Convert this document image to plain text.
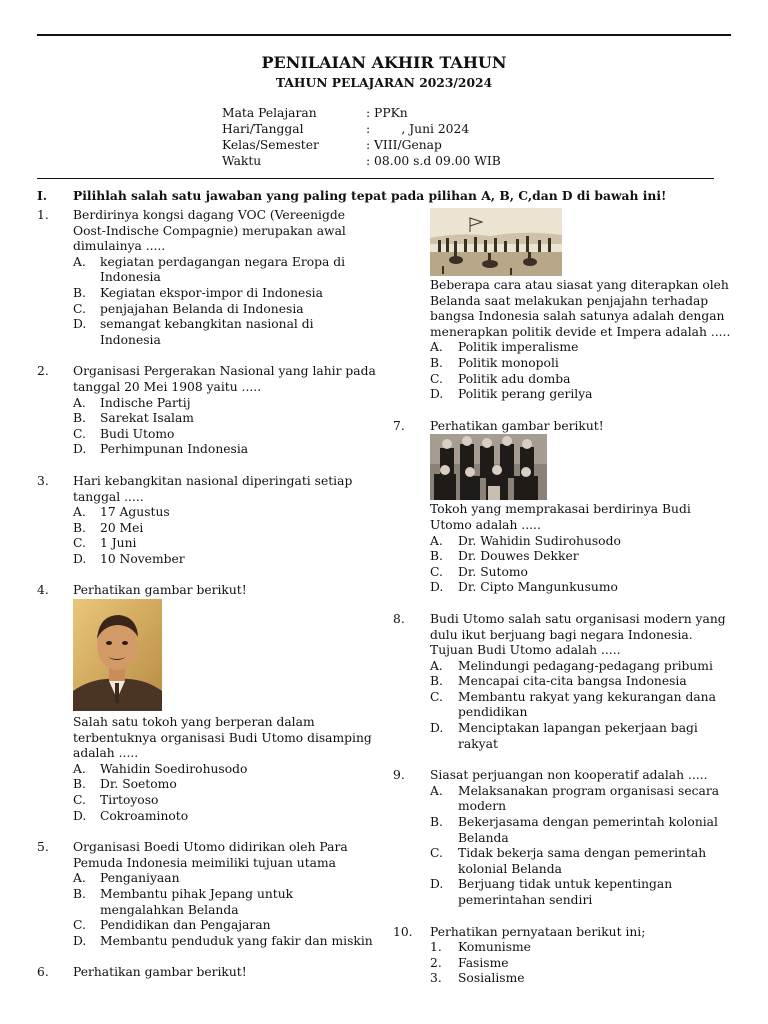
PENILAIAN AKHIR TAHUN
TAHUN PELAJARAN 2023/2024
Mata Pelajaran	: PPKn
Hari/Tanggal	:        , Juni 2024
Kelas/Semester	: VIII/Genap
Waktu	: 08.00 s.d 09.00 WIB
I. Pilihlah salah satu jawaban yang paling tepat pada pilihan A, B, C,dan D di bawah ini!
1. Berdirinya kongsi dagang VOC (Vereenigde Oost-Indische Compagnie) merupakan awal dimulainya .....
A. kegiatan perdagangan negara Eropa di Indonesia
B. Kegiatan ekspor-impor di Indonesia
C. penjajahan Belanda di Indonesia
D. semangat kebangkitan nasional di Indonesia
2. Organisasi Pergerakan Nasional yang lahir pada tanggal 20 Mei 1908 yaitu .....
A. Indische Partij
B. Sarekat Isalam
C. Budi Utomo
D. Perhimpunan Indonesia
3. Hari kebangkitan nasional diperingati setiap tanggal .....
A. 17 Agustus
B. 20 Mei
C. 1 Juni
D. 10 November
4. Perhatikan gambar berikut!
Salah satu tokoh yang berperan dalam terbentuknya organisasi Budi Utomo disamping adalah .....
A. Wahidin Soedirohusodo
B. Dr. Soetomo
C. Tirtoyoso
D. Cokroaminoto
5. Organisasi Boedi Utomo didirikan oleh Para Pemuda Indonesia meimiliki tujuan utama
A. Penganiyaan
B. Membantu pihak Jepang untuk mengalahkan Belanda
C. Pendidikan dan Pengajaran
D. Membantu penduduk yang fakir dan miskin
6. Perhatikan gambar berikut!
Beberapa cara atau siasat yang diterapkan oleh Belanda saat melakukan penjajahn terhadap bangsa Indonesia salah satunya adalah dengan menerapkan politik devide et Impera adalah .....
A. Politik imperalisme
B. Politik monopoli
C. Politik adu domba
D. Politik perang gerilya
7. Perhatikan gambar berikut!
Tokoh yang memprakasai berdirinya Budi Utomo adalah .....
A. Dr. Wahidin Sudirohusodo
B. Dr. Douwes Dekker
C. Dr. Sutomo
D. Dr. Cipto Mangunkusumo
8. Budi Utomo salah satu organisasi modern yang dulu ikut berjuang bagi negara Indonesia. Tujuan Budi Utomo adalah .....
A. Melindungi pedagang-pedagang pribumi
B. Mencapai cita-cita bangsa Indonesia
C. Membantu rakyat yang kekurangan dana pendidikan
D. Menciptakan lapangan pekerjaan bagi rakyat
9. Siasat perjuangan non kooperatif adalah .....
A. Melaksanakan program organisasi secara modern
B. Bekerjasama dengan pemerintah kolonial Belanda
C. Tidak bekerja sama dengan pemerintah kolonial Belanda
D. Berjuang tidak untuk kepentingan pemerintahan sendiri
10. Perhatikan pernyataan berikut ini;
1. Komunisme
2. Fasisme
3. Sosialisme
